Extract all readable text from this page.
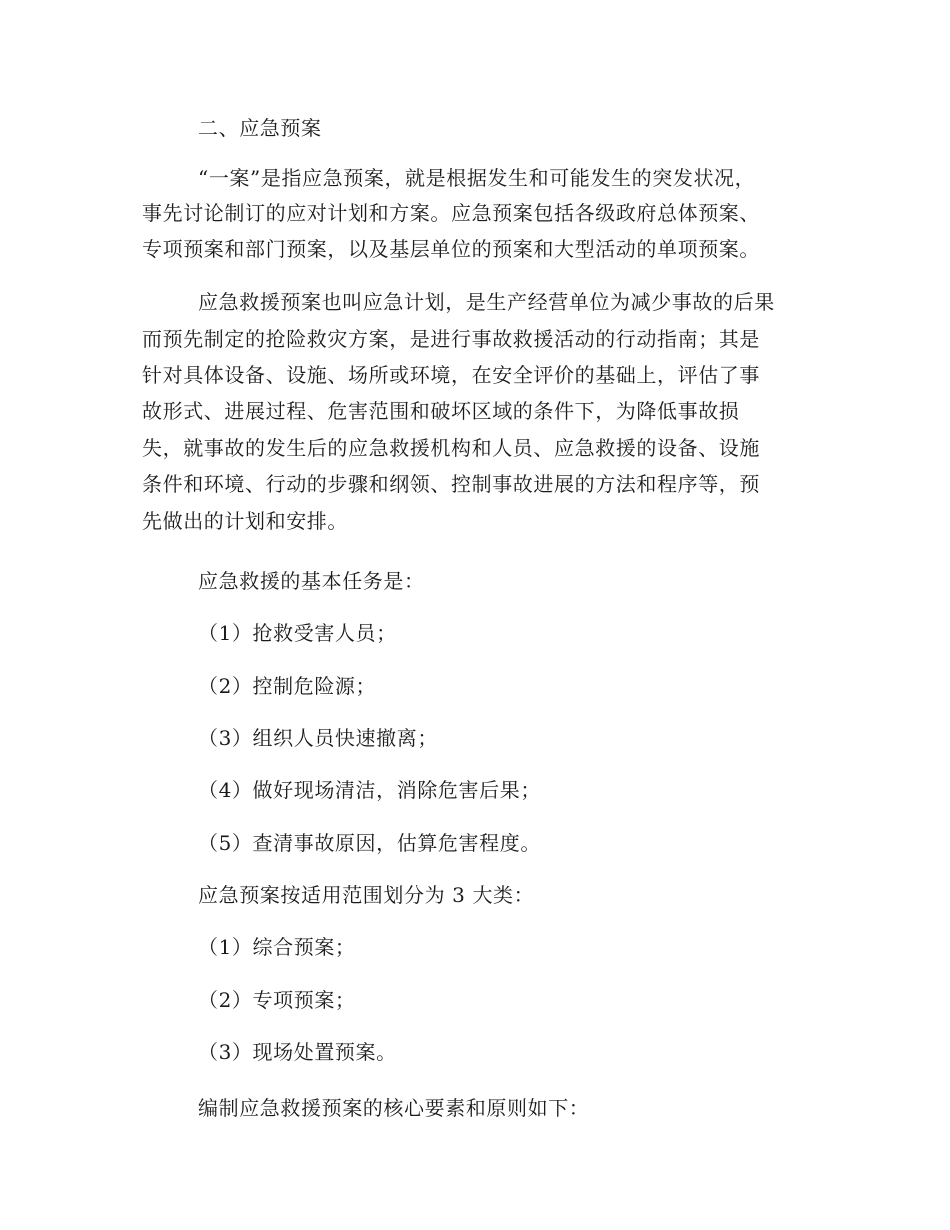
二、应急预案
“一案”是指应急预案，就是根据发生和可能发生的突发状况，
事先讨论制订的应对计划和方案。应急预案包括各级政府总体预案、
专项预案和部门预案，以及基层单位的预案和大型活动的单项预案。
应急救援预案也叫应急计划，是生产经营单位为减少事故的后果
而预先制定的抢险救灾方案，是进行事故救援活动的行动指南；其是
针对具体设备、设施、场所或环境，在安全评价的基础上，评估了事
故形式、进展过程、危害范围和破坏区域的条件下，为降低事故损
失，就事故的发生后的应急救援机构和人员、应急救援的设备、设施
条件和环境、行动的步骤和纲领、控制事故进展的方法和程序等，预
先做出的计划和安排。
应急救援的基本任务是：
（1）抢救受害人员；
（2）控制危险源；
（3）组织人员快速撤离；
（4）做好现场清洁，消除危害后果；
（5）查清事故原因，估算危害程度。
应急预案按适用范围划分为 3 大类：
（1）综合预案；
（2）专项预案；
（3）现场处置预案。
编制应急救援预案的核心要素和原则如下：
